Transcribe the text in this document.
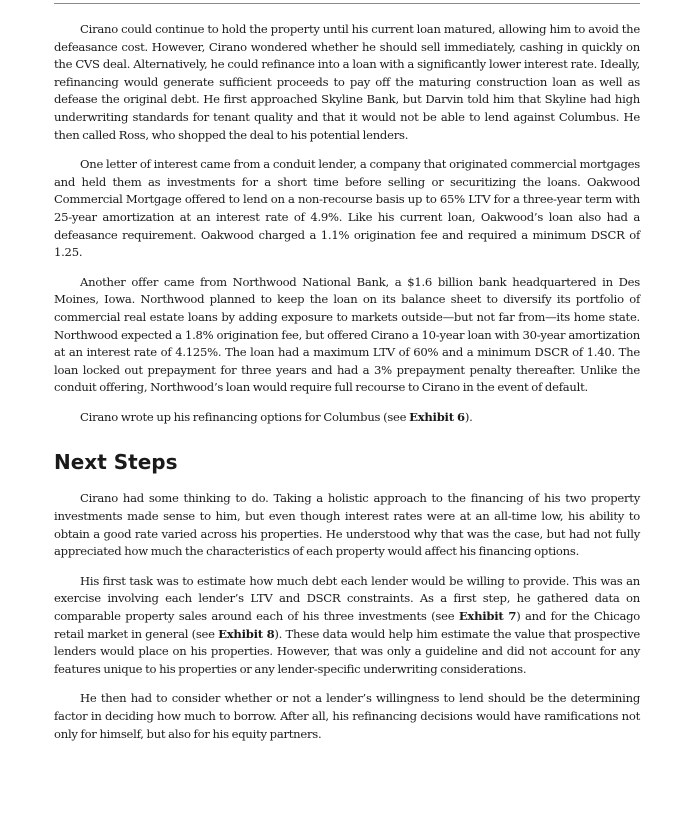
Cirano could continue to hold the property until his current loan matured, allowing him to avoid the defeasance cost. However, Cirano wondered whether he should sell immediately, cashing in quickly on the CVS deal. Alternatively, he could refinance into a loan with a significantly lower interest rate. Ideally, refinancing would generate sufficient proceeds to pay off the maturing construction loan as well as defease the original debt. He first approached Skyline Bank, but Darvin told him that Skyline had high underwriting standards for tenant quality and that it would not be able to lend against Columbus. He then called Ross, who shopped the deal to his potential lenders.

One letter of interest came from a conduit lender, a company that originated commercial mortgages and held them as investments for a short time before selling or securitizing the loans. Oakwood Commercial Mortgage offered to lend on a non-recourse basis up to 65% LTV for a three-year term with 25-year amortization at an interest rate of 4.9%. Like his current loan, Oakwood’s loan also had a defeasance requirement. Oakwood charged a 1.1% origination fee and required a minimum DSCR of 1.25.

Another offer came from Northwood National Bank, a $1.6 billion bank headquartered in Des Moines, Iowa. Northwood planned to keep the loan on its balance sheet to diversify its portfolio of commercial real estate loans by adding exposure to markets outside—but not far from—its home state. Northwood expected a 1.8% origination fee, but offered Cirano a 10-year loan with 30-year amortization at an interest rate of 4.125%. The loan had a maximum LTV of 60% and a minimum DSCR of 1.40. The loan locked out prepayment for three years and had a 3% prepayment penalty thereafter. Unlike the conduit offering, Northwood’s loan would require full recourse to Cirano in the event of default.

Cirano wrote up his refinancing options for Columbus (see Exhibit 6).

Next Steps

Cirano had some thinking to do. Taking a holistic approach to the financing of his two property investments made sense to him, but even though interest rates were at an all-time low, his ability to obtain a good rate varied across his properties. He understood why that was the case, but had not fully appreciated how much the characteristics of each property would affect his financing options.

His first task was to estimate how much debt each lender would be willing to provide. This was an exercise involving each lender’s LTV and DSCR constraints. As a first step, he gathered data on comparable property sales around each of his three investments (see Exhibit 7) and for the Chicago retail market in general (see Exhibit 8). These data would help him estimate the value that prospective lenders would place on his properties. However, that was only a guideline and did not account for any features unique to his properties or any lender-specific underwriting considerations.

He then had to consider whether or not a lender’s willingness to lend should be the determining factor in deciding how much to borrow. After all, his refinancing decisions would have ramifications not only for himself, but also for his equity partners.
